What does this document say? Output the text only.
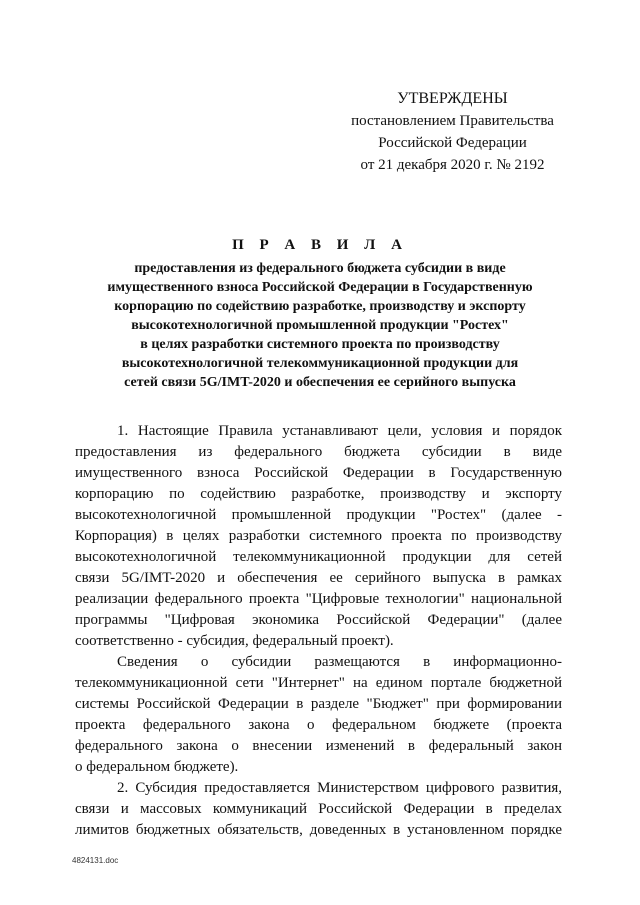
УТВЕРЖДЕНЫ
постановлением Правительства
Российской Федерации
от 21 декабря 2020 г. № 2192
П Р А В И Л А
предоставления из федерального бюджета субсидии в виде
имущественного взноса Российской Федерации в Государственную
корпорацию по содействию разработке, производству и экспорту
высокотехнологичной промышленной продукции "Ростех"
в целях разработки системного проекта по производству
высокотехнологичной телекоммуникационной продукции для
сетей связи 5G/IMT-2020 и обеспечения ее серийного выпуска
1. Настоящие Правила устанавливают цели, условия и порядок
предоставления из федерального бюджета субсидии в виде
имущественного взноса Российской Федерации в Государственную
корпорацию по содействию разработке, производству и экспорту
высокотехнологичной промышленной продукции "Ростех" (далее -
Корпорация) в целях разработки системного проекта по производству
высокотехнологичной телекоммуникационной продукции для сетей
связи 5G/IMT-2020 и обеспечения ее серийного выпуска в рамках
реализации федерального проекта "Цифровые технологии" национальной
программы "Цифровая экономика Российской Федерации" (далее
соответственно - субсидия, федеральный проект).
Сведения о субсидии размещаются в информационно-
телекоммуникационной сети "Интернет" на едином портале бюджетной
системы Российской Федерации в разделе "Бюджет" при формировании
проекта федерального закона о федеральном бюджете (проекта
федерального закона о внесении изменений в федеральный закон
о федеральном бюджете).
2. Субсидия предоставляется Министерством цифрового развития,
связи и массовых коммуникаций Российской Федерации в пределах
лимитов бюджетных обязательств, доведенных в установленном порядке
4824131.doc
